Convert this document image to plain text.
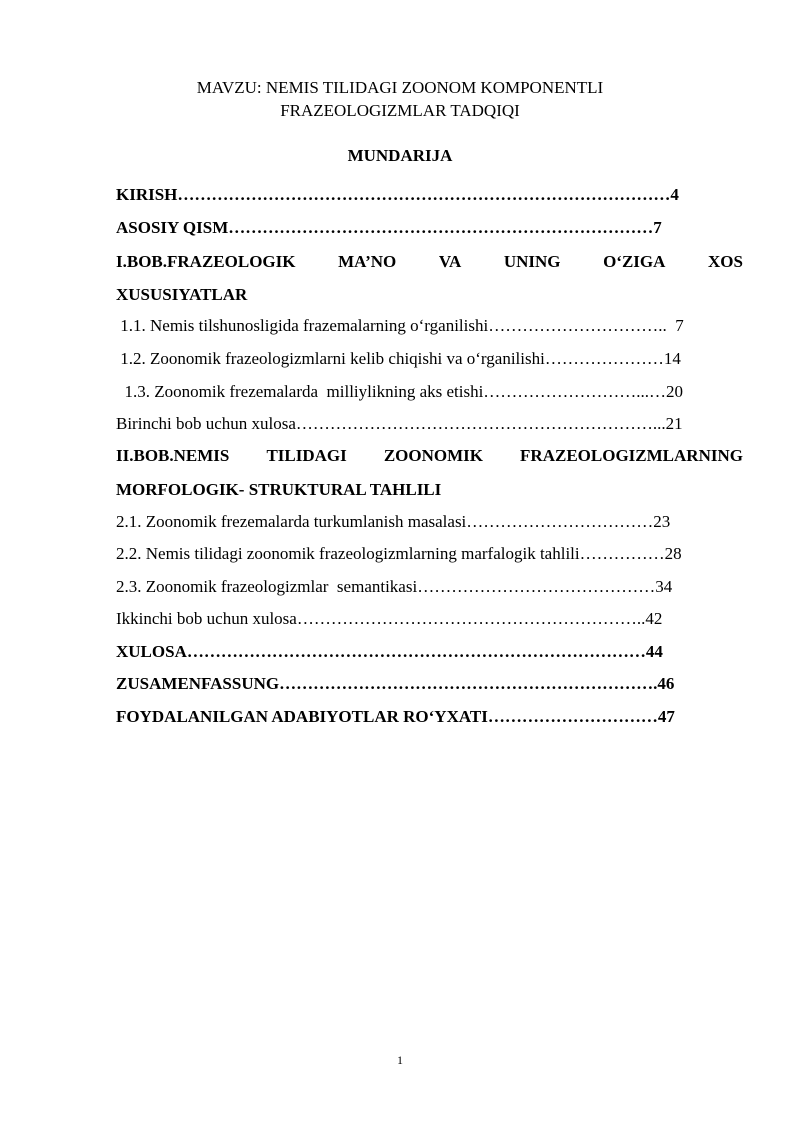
MAVZU: NEMIS TILIDAGI ZOONOM KOMPONENTLI
FRAZEOLOGIZMLAR TADQIQI
MUNDARIJA
KIRISH……………………………………………………………………………4
ASOSIY QISM…………………………………………………………………7
I.BOB.FRAZEOLOGIK	MA’NO	VA	UNING	O‘ZIGA	XOS
XUSUSIYATLAR
1.1. Nemis tilshunosligida frazemalarning o‘rganilishi…………………………..  7
1.2. Zoonomik frazeologizmlarni kelib chiqishi va o‘rganilishi…………………14
1.3. Zoonomik frezemalarda  milliylikning aks etishi………………………...…20
Birinchi bob uchun xulosa………………………………………………………...21
II.BOB.NEMIS TILIDAGI ZOONOMIK FRAZEOLOGIZMLARNING
MORFOLOGIK- STRUKTURAL TAHLILI
2.1. Zoonomik frezemalarda turkumlanish masalasi……………………………23
2.2. Nemis tilidagi zoonomik frazeologizmlarning marfalogik tahlili……………28
2.3. Zoonomik frazeologizmlar  semantikasi……………………………………34
Ikkinchi bob uchun xulosa……………………………………………………..42
XULOSA………………………………………………………………………44
ZUSAMENFASSUNG………………………………………………………….46
FOYDALANILGAN ADABIYOTLAR RO‘YXATI…………………………47
1
